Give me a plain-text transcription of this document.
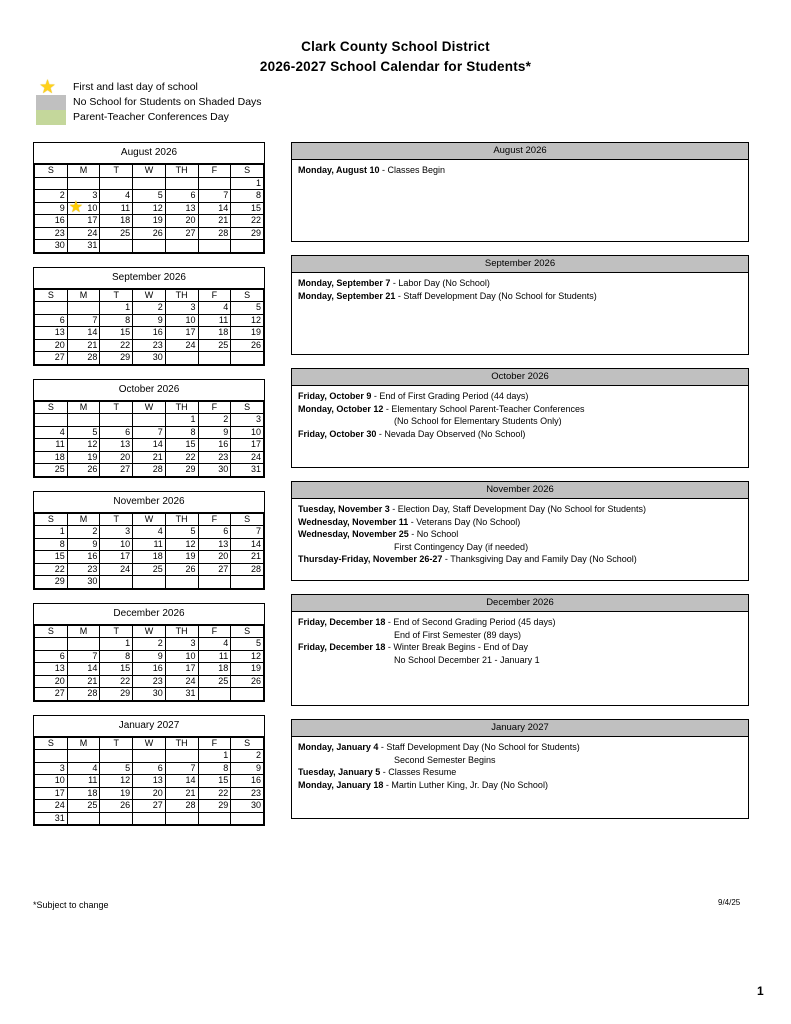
Clark County School District
2026-2027 School Calendar for Students*
★ First and last day of school
No School for Students on Shaded Days
Parent-Teacher Conferences Day
August 2026
S	M	T	W	TH	F	S
						1
2	3	4	5	6	7	8
9	★ 10	11	12	13	14	15
16	17	18	19	20	21	22
23	24	25	26	27	28	29
30	31					
September 2026
S	M	T	W	TH	F	S
		1	2	3	4	5
6	7	8	9	10	11	12
13	14	15	16	17	18	19
20	21	22	23	24	25	26
27	28	29	30			
October 2026
S	M	T	W	TH	F	S
				1	2	3
4	5	6	7	8	9	10
11	12	13	14	15	16	17
18	19	20	21	22	23	24
25	26	27	28	29	30	31
November 2026
S	M	T	W	TH	F	S
1	2	3	4	5	6	7
8	9	10	11	12	13	14
15	16	17	18	19	20	21
22	23	24	25	26	27	28
29	30					
December 2026
S	M	T	W	TH	F	S
		1	2	3	4	5
6	7	8	9	10	11	12
13	14	15	16	17	18	19
20	21	22	23	24	25	26
27	28	29	30	31		
January 2027
S	M	T	W	TH	F	S
					1	2
3	4	5	6	7	8	9
10	11	12	13	14	15	16
17	18	19	20	21	22	23
24	25	26	27	28	29	30
31						
August 2026
Monday, August 10 - Classes Begin
September 2026
Monday, September 7 - Labor Day (No School)
Monday, September 21 - Staff Development Day (No School for Students)
October 2026
Friday, October 9 - End of First Grading Period (44 days)
Monday, October 12 - Elementary School Parent-Teacher Conferences
(No School for Elementary Students Only)
Friday, October 30 - Nevada Day Observed (No School)
November 2026
Tuesday, November 3 - Election Day, Staff Development Day (No School for Students)
Wednesday, November 11 - Veterans Day (No School)
Wednesday, November 25 - No School
First Contingency Day (if needed)
Thursday-Friday, November 26-27 - Thanksgiving Day and Family Day (No School)
December 2026
Friday, December 18 - End of Second Grading Period (45 days)
End of First Semester (89 days)
Friday, December 18 - Winter Break Begins - End of Day
No School December 21 - January 1
January 2027
Monday, January 4 - Staff Development Day (No School for Students)
Second Semester Begins
Tuesday, January 5 - Classes Resume
Monday, January 18 - Martin Luther King, Jr. Day (No School)
*Subject to change	9/4/25
1
